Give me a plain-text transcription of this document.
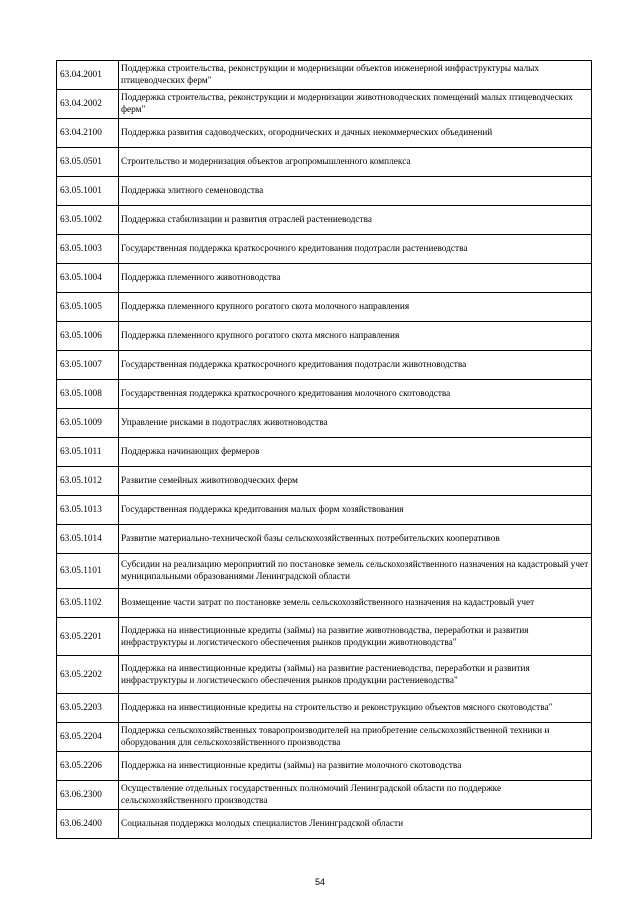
63.04.2001	Поддержка строительства, реконструкции и модернизации объектов инженерной инфраструктуры малых птицеводческих ферм"
63.04.2002	Поддержка строительства, реконструкции и модернизации животноводческих помещений малых птицеводческих ферм"
63.04.2100	Поддержка развития садоводческих, огороднических и дачных некоммерческих объединений
63.05.0501	Строительство и модернизация объектов агропромышленного комплекса
63.05.1001	Поддержка элитного семеноводства
63.05.1002	Поддержка стабилизации и развития отраслей растениеводства
63.05.1003	Государственная поддержка краткосрочного кредитования подотрасли растениеводства
63.05.1004	Поддержка племенного животноводства
63.05.1005	Поддержка племенного крупного рогатого скота молочного направления
63.05.1006	Поддержка племенного крупного рогатого скота мясного направления
63.05.1007	Государственная поддержка краткосрочного кредитования подотрасли животноводства
63.05.1008	Государственная поддержка краткосрочного кредитования молочного скотоводства
63.05.1009	Управление рисками в подотраслях животноводства
63.05.1011	Поддержка начинающих фермеров
63.05.1012	Развитие семейных животноводческих ферм
63.05.1013	Государственная поддержка кредитования малых форм хозяйствования
63.05.1014	Развитие материально-технической базы сельскохозяйственных потребительских кооперативов
63.05.1101	Субсидии на реализацию мероприятий по постановке земель сельскохозяйственного назначения на кадастровый учет муниципальными образованиями Ленинградской области
63.05.1102	Возмещение части затрат по постановке земель сельскохозяйственного назначения на кадастровый учет
63.05.2201	Поддержка на инвестиционные кредиты (займы) на развитие животноводства, переработки и развития инфраструктуры и логистического обеспечения рынков продукции животноводства"
63.05.2202	Поддержка на инвестиционные кредиты (займы) на развитие растениеводства, переработки и развития инфраструктуры и логистического обеспечения рынков продукции растениеводства"
63.05.2203	Поддержка на инвестиционные кредиты на строительство и реконструкцию объектов мясного скотоводства"
63.05.2204	Поддержка сельскохозяйственных товаропроизводителей на приобретение сельскохозяйственной техники и оборудования для сельскохозяйственного производства
63.05.2206	Поддержка на инвестиционные кредиты (займы) на развитие молочного скотоводства
63.06.2300	Осуществление отдельных государственных полномочий Ленинградской области по поддержке сельскохозяйственного производства
63.06.2400	Социальная поддержка молодых специалистов Ленинградской области
54
